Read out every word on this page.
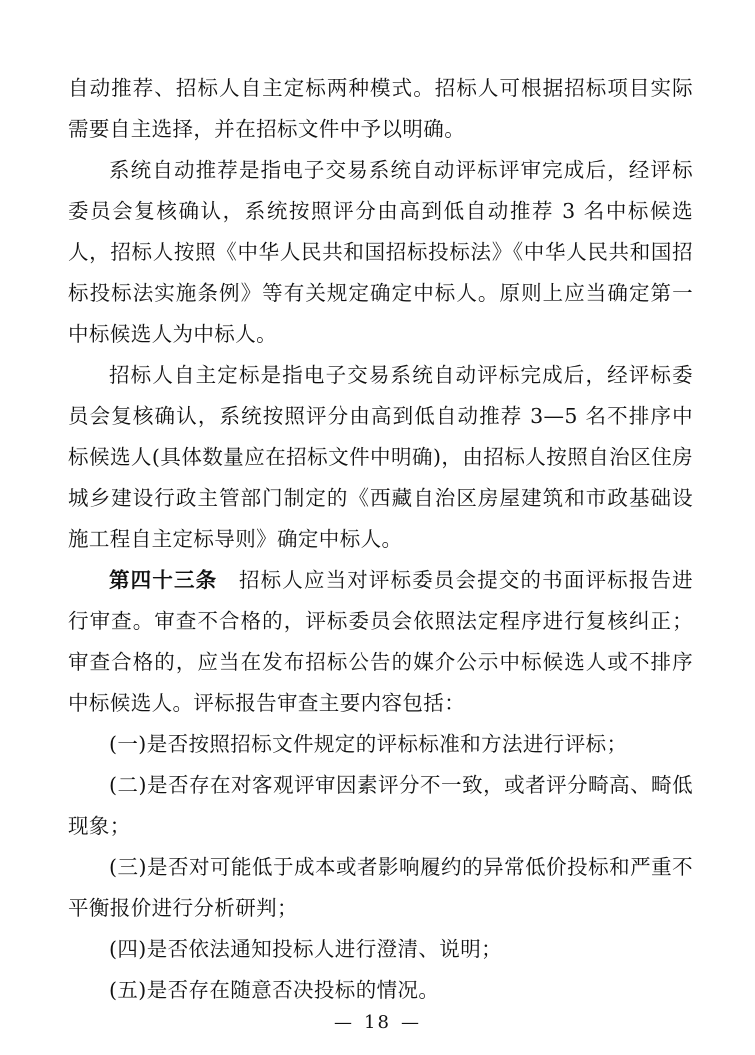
自动推荐、招标人自主定标两种模式。招标人可根据招标项目实际需要自主选择，并在招标文件中予以明确。

系统自动推荐是指电子交易系统自动评标评审完成后，经评标委员会复核确认，系统按照评分由高到低自动推荐 3 名中标候选人，招标人按照《中华人民共和国招标投标法》《中华人民共和国招标投标法实施条例》等有关规定确定中标人。原则上应当确定第一中标候选人为中标人。

招标人自主定标是指电子交易系统自动评标完成后，经评标委员会复核确认，系统按照评分由高到低自动推荐 3—5 名不排序中标候选人(具体数量应在招标文件中明确)，由招标人按照自治区住房城乡建设行政主管部门制定的《西藏自治区房屋建筑和市政基础设施工程自主定标导则》确定中标人。

第四十三条　 招标人应当对评标委员会提交的书面评标报告进行审查。审查不合格的，评标委员会依照法定程序进行复核纠正；审查合格的，应当在发布招标公告的媒介公示中标候选人或不排序中标候选人。评标报告审查主要内容包括：

(一)是否按照招标文件规定的评标标准和方法进行评标；

(二)是否存在对客观评审因素评分不一致，或者评分畸高、畸低现象；

(三)是否对可能低于成本或者影响履约的异常低价投标和严重不平衡报价进行分析研判；

(四)是否依法通知投标人进行澄清、说明；

(五)是否存在随意否决投标的情况。

— 18 —
